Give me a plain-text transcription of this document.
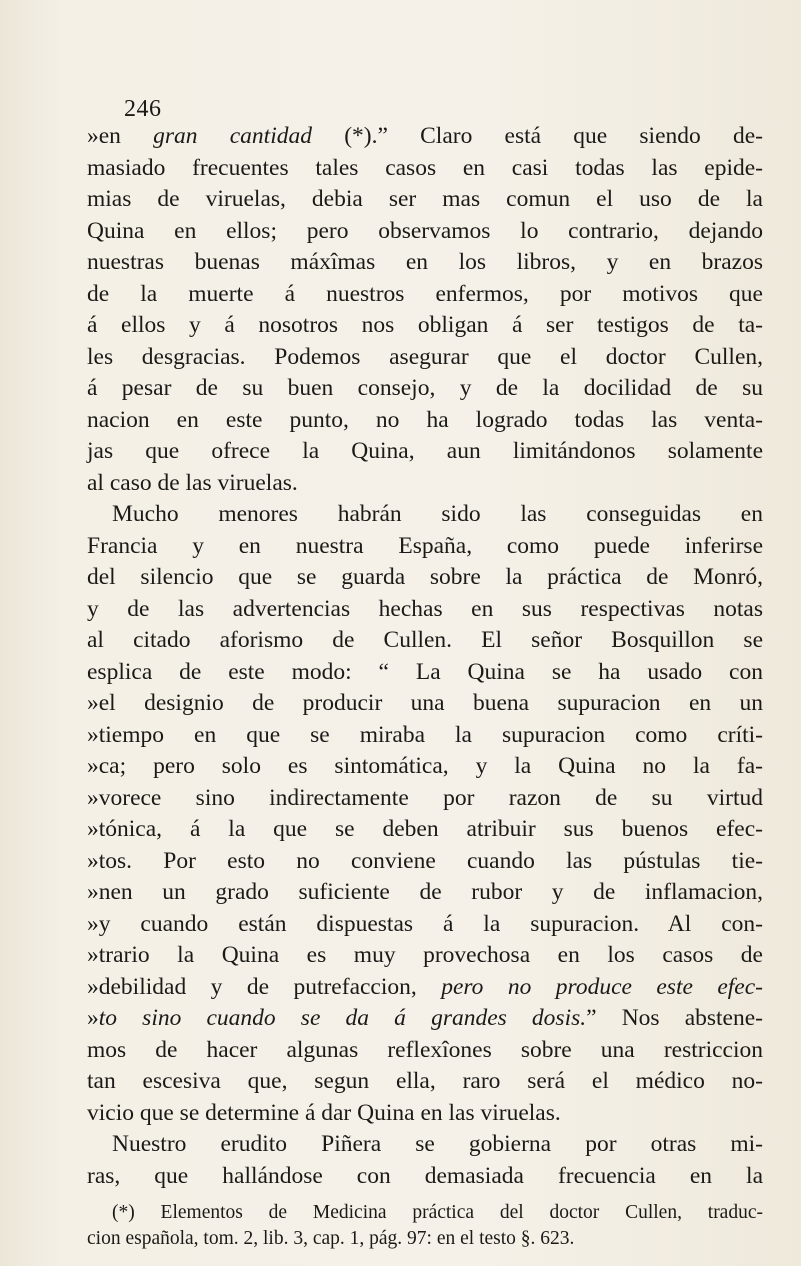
246
»en gran cantidad (*).” Claro está que siendo de-
masiado frecuentes tales casos en casi todas las epide-
mias de viruelas, debia ser mas comun el uso de la
Quina en ellos; pero observamos lo contrario, dejando
nuestras buenas máxîmas en los libros, y en brazos
de la muerte á nuestros enfermos, por motivos que
á ellos y á nosotros nos obligan á ser testigos de ta-
les desgracias. Podemos asegurar que el doctor Cullen,
á pesar de su buen consejo, y de la docilidad de su
nacion en este punto, no ha logrado todas las venta-
jas que ofrece la Quina, aun limitándonos solamente
al caso de las viruelas.
Mucho menores habrán sido las conseguidas en
Francia y en nuestra España, como puede inferirse
del silencio que se guarda sobre la práctica de Monró,
y de las advertencias hechas en sus respectivas notas
al citado aforismo de Cullen. El señor Bosquillon se
esplica de este modo: “ La Quina se ha usado con
»el designio de producir una buena supuracion en un
»tiempo en que se miraba la supuracion como críti-
»ca; pero solo es sintomática, y la Quina no la fa-
»vorece sino indirectamente por razon de su virtud
»tónica, á la que se deben atribuir sus buenos efec-
»tos. Por esto no conviene cuando las pústulas tie-
»nen un grado suficiente de rubor y de inflamacion,
»y cuando están dispuestas á la supuracion. Al con-
»trario la Quina es muy provechosa en los casos de
»debilidad y de putrefaccion, pero no produce este efec-
»to sino cuando se da á grandes dosis.” Nos abstene-
mos de hacer algunas reflexîones sobre una restriccion
tan escesiva que, segun ella, raro será el médico no-
vicio que se determine á dar Quina en las viruelas.
Nuestro erudito Piñera se gobierna por otras mi-
ras, que hallándose con demasiada frecuencia en la
(*) Elementos de Medicina práctica del doctor Cullen, traduc-
cion española, tom. 2, lib. 3, cap. 1, pág. 97: en el testo §. 623.
